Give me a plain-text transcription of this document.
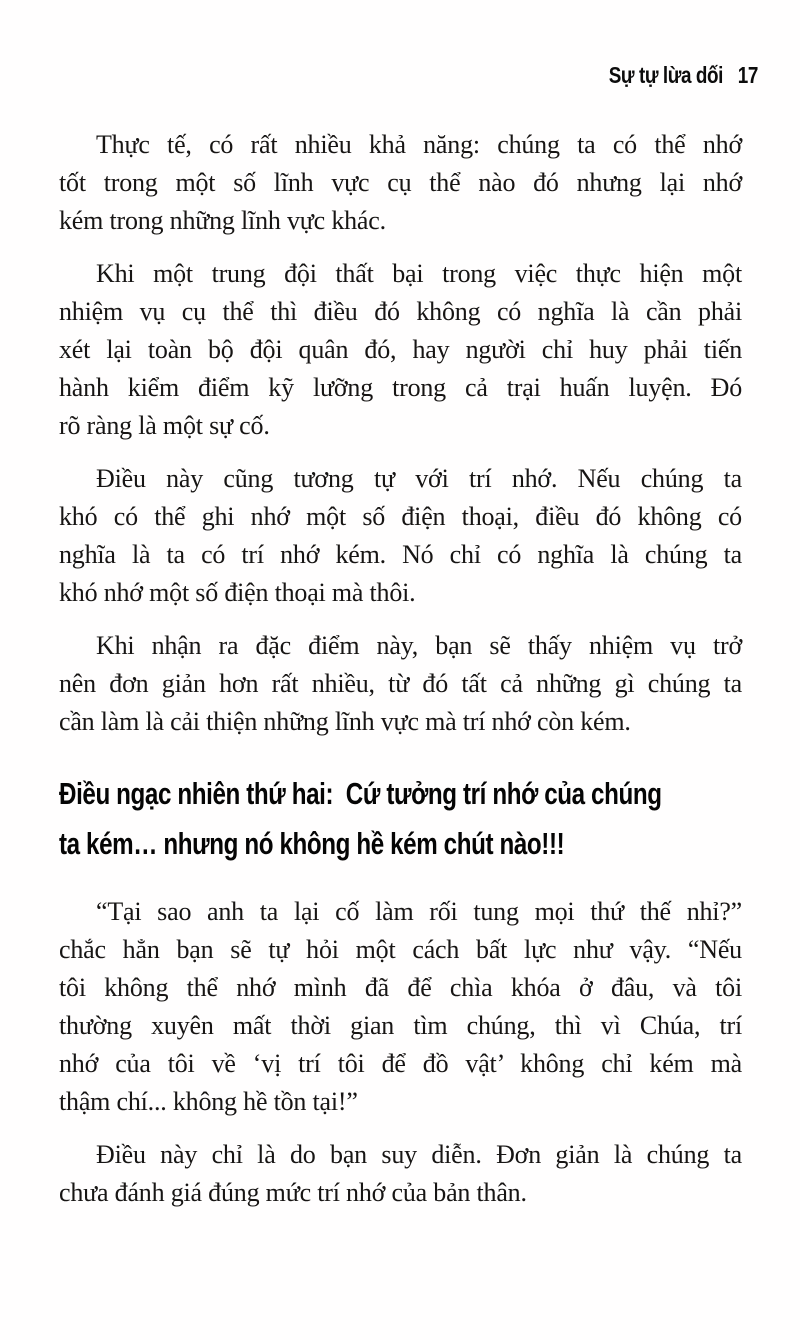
Sự tự lừa dối 17
Thực tế, có rất nhiều khả năng: chúng ta có thể nhớ
tốt trong một số lĩnh vực cụ thể nào đó nhưng lại nhớ
kém trong những lĩnh vực khác.
Khi một trung đội thất bại trong việc thực hiện một
nhiệm vụ cụ thể thì điều đó không có nghĩa là cần phải
xét lại toàn bộ đội quân đó, hay người chỉ huy phải tiến
hành kiểm điểm kỹ lưỡng trong cả trại huấn luyện. Đó
rõ ràng là một sự cố.
Điều này cũng tương tự với trí nhớ. Nếu chúng ta
khó có thể ghi nhớ một số điện thoại, điều đó không có
nghĩa là ta có trí nhớ kém. Nó chỉ có nghĩa là chúng ta
khó nhớ một số điện thoại mà thôi.
Khi nhận ra đặc điểm này, bạn sẽ thấy nhiệm vụ trở
nên đơn giản hơn rất nhiều, từ đó tất cả những gì chúng ta
cần làm là cải thiện những lĩnh vực mà trí nhớ còn kém.
Điều ngạc nhiên thứ hai:  Cứ tưởng trí nhớ của chúng
ta kém… nhưng nó không hề kém chút nào!!!
“Tại sao anh ta lại cố làm rối tung mọi thứ thế nhỉ?”
chắc hẳn bạn sẽ tự hỏi một cách bất lực như vậy. “Nếu
tôi không thể nhớ mình đã để chìa khóa ở đâu, và tôi
thường xuyên mất thời gian tìm chúng, thì vì Chúa, trí
nhớ của tôi về ‘vị trí tôi để đồ vật’ không chỉ kém mà
thậm chí... không hề tồn tại!”
Điều này chỉ là do bạn suy diễn. Đơn giản là chúng ta
chưa đánh giá đúng mức trí nhớ của bản thân.
